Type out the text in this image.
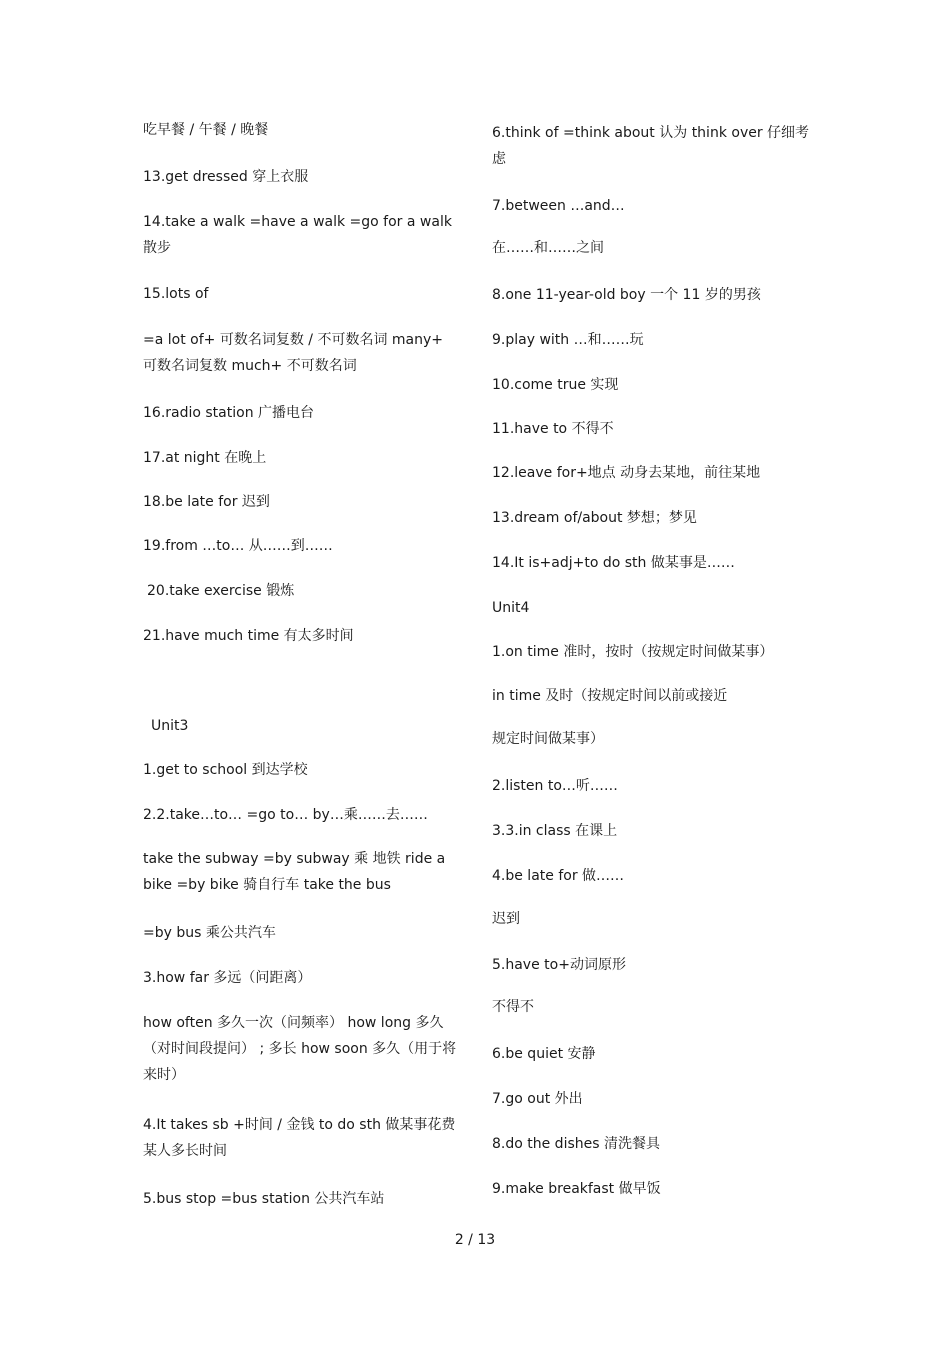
吃早餐 / 午餐 / 晚餐
13.get dressed 穿上衣服
14.take a walk =have a walk =go for a walk 散步
15.lots of
=a lot of+ 可数名词复数 / 不可数名词 many+ 可数名词复数 much+ 不可数名词
16.radio station 广播电台
17.at night 在晚上
18.be late for 迟到
19.from …to… 从……到……
20.take exercise 锻炼
21.have much time 有太多时间
Unit3
1.get to school 到达学校
2.2.take…to… =go to… by…乘……去……
take the subway =by subway 乘 地铁 ride a bike =by bike 骑自行车 take the bus
=by bus 乘公共汽车
3.how far 多远（问距离）
how often 多久一次（问频率） how long 多久（对时间段提问） ; 多长 how soon 多久（用于将来时）
4.It takes sb +时间 / 金钱 to do sth 做某事花费某人多长时间
5.bus stop =bus station 公共汽车站
6.think of =think about 认为 think over 仔细考虑
7.between …and…
在……和……之间
8.one 11-year-old boy 一个 11 岁的男孩
9.play with …和……玩
10.come true 实现
11.have to 不得不
12.leave for+地点 动身去某地，前往某地
13.dream of/about 梦想；梦见
14.It is+adj+to do sth 做某事是……
Unit4
1.on time 准时，按时（按规定时间做某事）
in time 及时（按规定时间以前或接近
规定时间做某事）
2.listen to…听……
3.3.in class 在课上
4.be late for 做……
迟到
5.have to+动词原形
不得不
6.be quiet 安静
7.go out 外出
8.do the dishes 清洗餐具
9.make breakfast 做早饭
2 / 13
